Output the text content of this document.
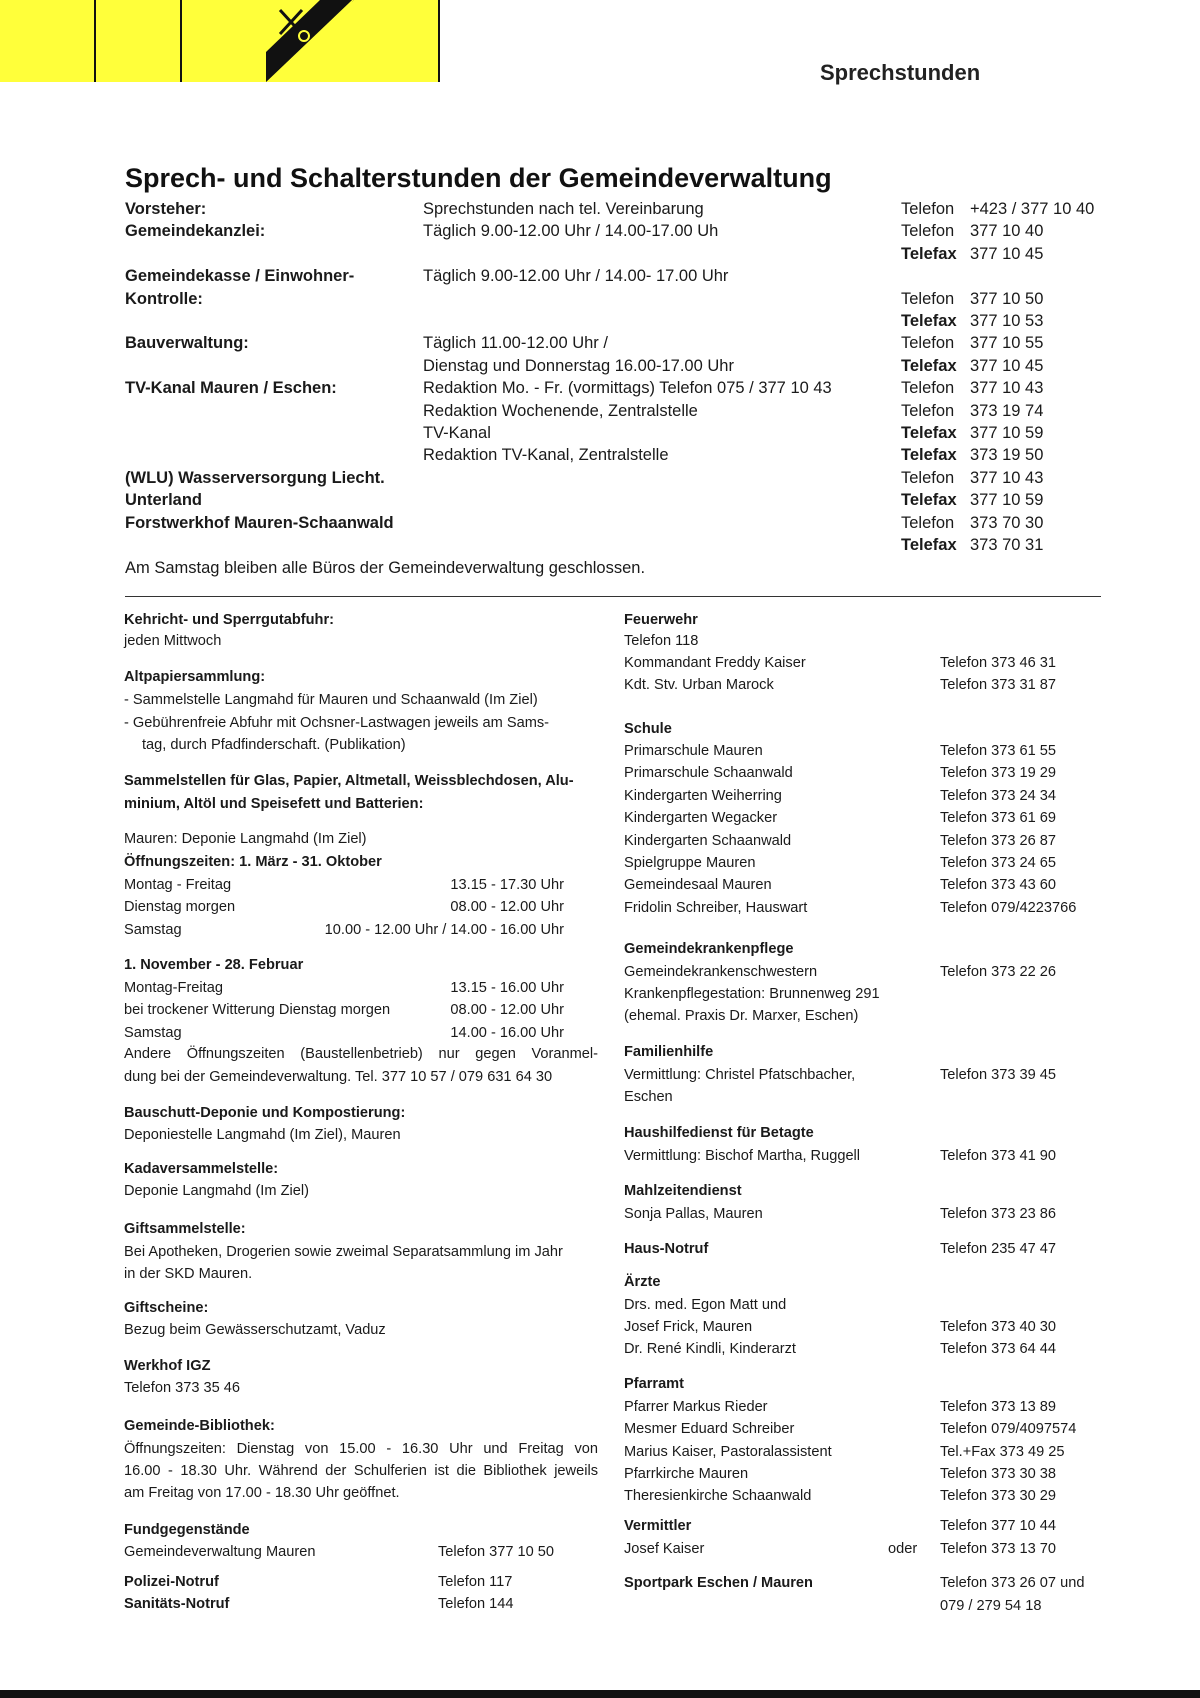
Sprechstunden
Sprech- und Schalterstunden der Gemeindeverwaltung
Vorsteher:	Sprechstunden nach tel. Vereinbarung	Telefon +423 / 377 10 40
Gemeindekanzlei:	Täglich 9.00-12.00 Uhr / 14.00-17.00 Uh	Telefon 377 10 40
Telefax 377 10 45
Gemeindekasse / Einwohner-	Täglich 9.00-12.00 Uhr / 14.00- 17.00 Uhr
Kontrolle:	Telefon 377 10 50
Telefax 377 10 53
Bauverwaltung:	Täglich 11.00-12.00 Uhr /	Telefon 377 10 55
Dienstag und Donnerstag 16.00-17.00 Uhr	Telefax 377 10 45
TV-Kanal Mauren / Eschen:	Redaktion Mo. - Fr. (vormittags) Telefon 075 / 377 10 43	Telefon 377 10 43
Redaktion Wochenende, Zentralstelle	Telefon 373 19 74
TV-Kanal	Telefax 377 10 59
Redaktion TV-Kanal, Zentralstelle	Telefax 373 19 50
(WLU) Wasserversorgung Liecht.	Telefon 377 10 43
Unterland	Telefax 377 10 59
Forstwerkhof Mauren-Schaanwald	Telefon 373 70 30
Telefax 373 70 31
Am Samstag bleiben alle Büros der Gemeindeverwaltung geschlossen.
Kehricht- und Sperrgutabfuhr:
jeden Mittwoch
Altpapiersammlung:
- Sammelstelle Langmahd für Mauren und Schaanwald (Im Ziel)
- Gebührenfreie Abfuhr mit Ochsner-Lastwagen jeweils am Sams-
tag, durch Pfadfinderschaft. (Publikation)
Sammelstellen für Glas, Papier, Altmetall, Weissblechdosen, Alu-
minium, Altöl und Speisefett und Batterien:
Mauren: Deponie Langmahd (Im Ziel)
Öffnungszeiten: 1. März - 31. Oktober
Montag - Freitag	13.15 - 17.30 Uhr
Dienstag morgen	08.00 - 12.00 Uhr
Samstag	10.00 - 12.00 Uhr / 14.00 - 16.00 Uhr
1. November - 28. Februar
Montag-Freitag	13.15 - 16.00 Uhr
bei trockener Witterung Dienstag morgen	08.00 - 12.00 Uhr
Samstag	14.00 - 16.00 Uhr
Andere Öffnungszeiten (Baustellenbetrieb) nur gegen Voranmel-
dung bei der Gemeindeverwaltung. Tel. 377 10 57 / 079 631 64 30
Bauschutt-Deponie und Kompostierung:
Deponiestelle Langmahd (Im Ziel), Mauren
Kadaversammelstelle:
Deponie Langmahd (Im Ziel)
Giftsammelstelle:
Bei Apotheken, Drogerien sowie zweimal Separatsammlung im Jahr
in der SKD Mauren.
Giftscheine:
Bezug beim Gewässerschutzamt, Vaduz
Werkhof IGZ
Telefon 373 35 46
Gemeinde-Bibliothek:
Öffnungszeiten: Dienstag von 15.00 - 16.30 Uhr und Freitag von
16.00 - 18.30 Uhr. Während der Schulferien ist die Bibliothek jeweils
am Freitag von 17.00 - 18.30 Uhr geöffnet.
Fundgegenstände
Gemeindeverwaltung Mauren	Telefon 377 10 50
Polizei-Notruf	Telefon 117
Sanitäts-Notruf	Telefon 144
Feuerwehr
Telefon 118
Kommandant Freddy Kaiser	Telefon 373 46 31
Kdt. Stv. Urban Marock	Telefon 373 31 87
Schule
Primarschule Mauren	Telefon 373 61 55
Primarschule Schaanwald	Telefon 373 19 29
Kindergarten Weiherring	Telefon 373 24 34
Kindergarten Wegacker	Telefon 373 61 69
Kindergarten Schaanwald	Telefon 373 26 87
Spielgruppe Mauren	Telefon 373 24 65
Gemeindesaal Mauren	Telefon 373 43 60
Fridolin Schreiber, Hauswart	Telefon 079/4223766
Gemeindekrankenpflege
Gemeindekrankenschwestern	Telefon 373 22 26
Krankenpflegestation: Brunnenweg 291
(ehemal. Praxis Dr. Marxer, Eschen)
Familienhilfe
Vermittlung: Christel Pfatschbacher,	Telefon 373 39 45
Eschen
Haushilfedienst für Betagte
Vermittlung: Bischof Martha, Ruggell	Telefon 373 41 90
Mahlzeitendienst
Sonja Pallas, Mauren	Telefon 373 23 86
Haus-Notruf	Telefon 235 47 47
Ärzte
Drs. med. Egon Matt und
Josef Frick, Mauren	Telefon 373 40 30
Dr. René Kindli, Kinderarzt	Telefon 373 64 44
Pfarramt
Pfarrer Markus Rieder	Telefon 373 13 89
Mesmer Eduard Schreiber	Telefon 079/4097574
Marius Kaiser, Pastoralassistent	Tel.+Fax 373 49 25
Pfarrkirche Mauren	Telefon 373 30 38
Theresienkirche Schaanwald	Telefon 373 30 29
Vermittler	Telefon 377 10 44
Josef Kaiser	oder Telefon 373 13 70
Sportpark Eschen / Mauren	Telefon 373 26 07 und
079 / 279 54 18
